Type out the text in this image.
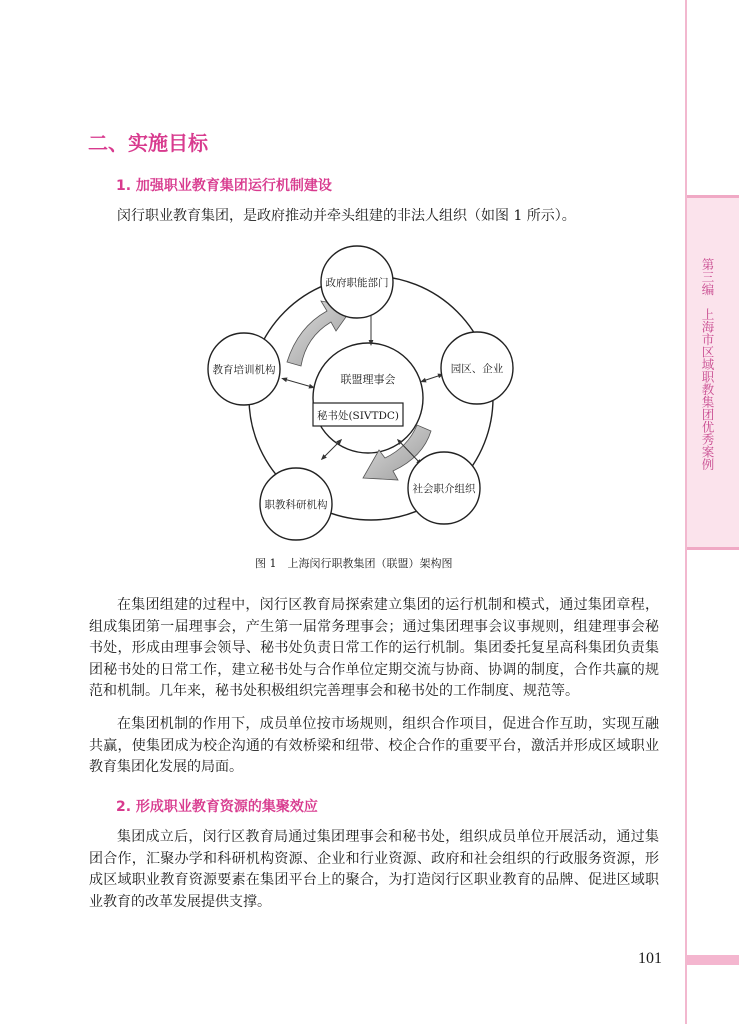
第三编　上海市区域职教集团优秀案例
二、实施目标
1. 加强职业教育集团运行机制建设

闵行职业教育集团，是政府推动并牵头组建的非法人组织（如图 1 所示）。

政府职能部门
园区、企业
社会职介组织
职教科研机构
教育培训机构
联盟理事会
秘书处(SIVTDC)

图 1　上海闵行职教集团（联盟）架构图

在集团组建的过程中，闵行区教育局探索建立集团的运行机制和模式，通过集团章程，组成集团第一届理事会，产生第一届常务理事会；通过集团理事会议事规则，组建理事会秘书处，形成由理事会领导、秘书处负责日常工作的运行机制。集团委托复星高科集团负责集团秘书处的日常工作，建立秘书处与合作单位定期交流与协商、协调的制度，合作共赢的规范和机制。几年来，秘书处积极组织完善理事会和秘书处的工作制度、规范等。

在集团机制的作用下，成员单位按市场规则，组织合作项目，促进合作互助，实现互融共赢，使集团成为校企沟通的有效桥梁和纽带、校企合作的重要平台，激活并形成区域职业教育集团化发展的局面。

2. 形成职业教育资源的集聚效应

集团成立后，闵行区教育局通过集团理事会和秘书处，组织成员单位开展活动，通过集团合作，汇聚办学和科研机构资源、企业和行业资源、政府和社会组织的行政服务资源，形成区域职业教育资源要素在集团平台上的聚合，为打造闵行区职业教育的品牌、促进区域职业教育的改革发展提供支撑。

101
